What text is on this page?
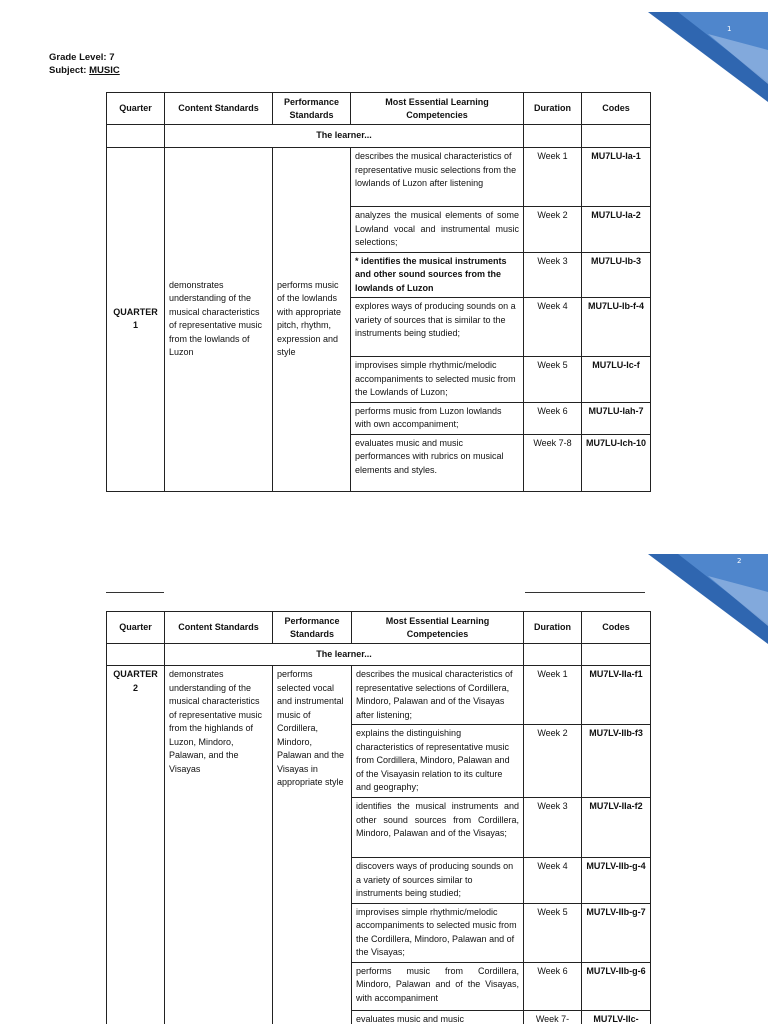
1
Grade Level: 7
Subject: MUSIC
Quarter	Content Standards	Performance Standards	Most Essential Learning Competencies	Duration	Codes
	The learner...				
QUARTER 1	demonstrates understanding of the musical characteristics of representative music from the lowlands of Luzon	performs music of the lowlands with appropriate pitch, rhythm, expression and style	describes the musical characteristics of representative music selections from the lowlands of Luzon after listening	Week 1	MU7LU-Ia-1
			analyzes the musical elements of some Lowland vocal and instrumental music selections;	Week 2	MU7LU-Ia-2
			* identifies the musical instruments and other sound sources from the lowlands of Luzon	Week 3	MU7LU-Ib-3
			explores ways of producing sounds on a variety of sources that is similar to the instruments being studied;	Week 4	MU7LU-Ib-f-4
			improvises simple rhythmic/melodic accompaniments to selected music from the Lowlands of Luzon;	Week 5	MU7LU-Ic-f
			performs music from Luzon lowlands with own accompaniment;	Week 6	MU7LU-Iah-7
			evaluates music and music performances with rubrics on musical elements and styles.	Week 7-8	MU7LU-Ich-10
2
Quarter	Content Standards	Performance Standards	Most Essential Learning Competencies	Duration	Codes
	The learner...				
QUARTER 2	demonstrates understanding of the musical characteristics of representative music from the highlands of Luzon, Mindoro, Palawan, and the Visayas	performs selected vocal and instrumental music of Cordillera, Mindoro, Palawan and the Visayas in appropriate style	describes the musical characteristics of representative selections of Cordillera, Mindoro, Palawan and of the Visayas after listening;	Week 1	MU7LV-IIa-f1
			explains the distinguishing characteristics of representative music from Cordillera, Mindoro, Palawan and of the Visayasin relation to its culture and geography;	Week 2	MU7LV-IIb-f3
			identifies the musical instruments and other sound sources from Cordillera, Mindoro, Palawan and of the Visayas;	Week 3	MU7LV-IIa-f2
			discovers ways of producing sounds on a variety of sources similar to instruments being studied;	Week 4	MU7LV-IIb-g-4
			improvises simple rhythmic/melodic accompaniments to selected music from the Cordillera, Mindoro, Palawan and of the Visayas;	Week 5	MU7LV-IIb-g-7
			performs music from Cordillera, Mindoro, Palawan and of the Visayas, with accompaniment	Week 6	MU7LV-IIb-g-6
			evaluates music and music	Week 7-	MU7LV-IIc-
